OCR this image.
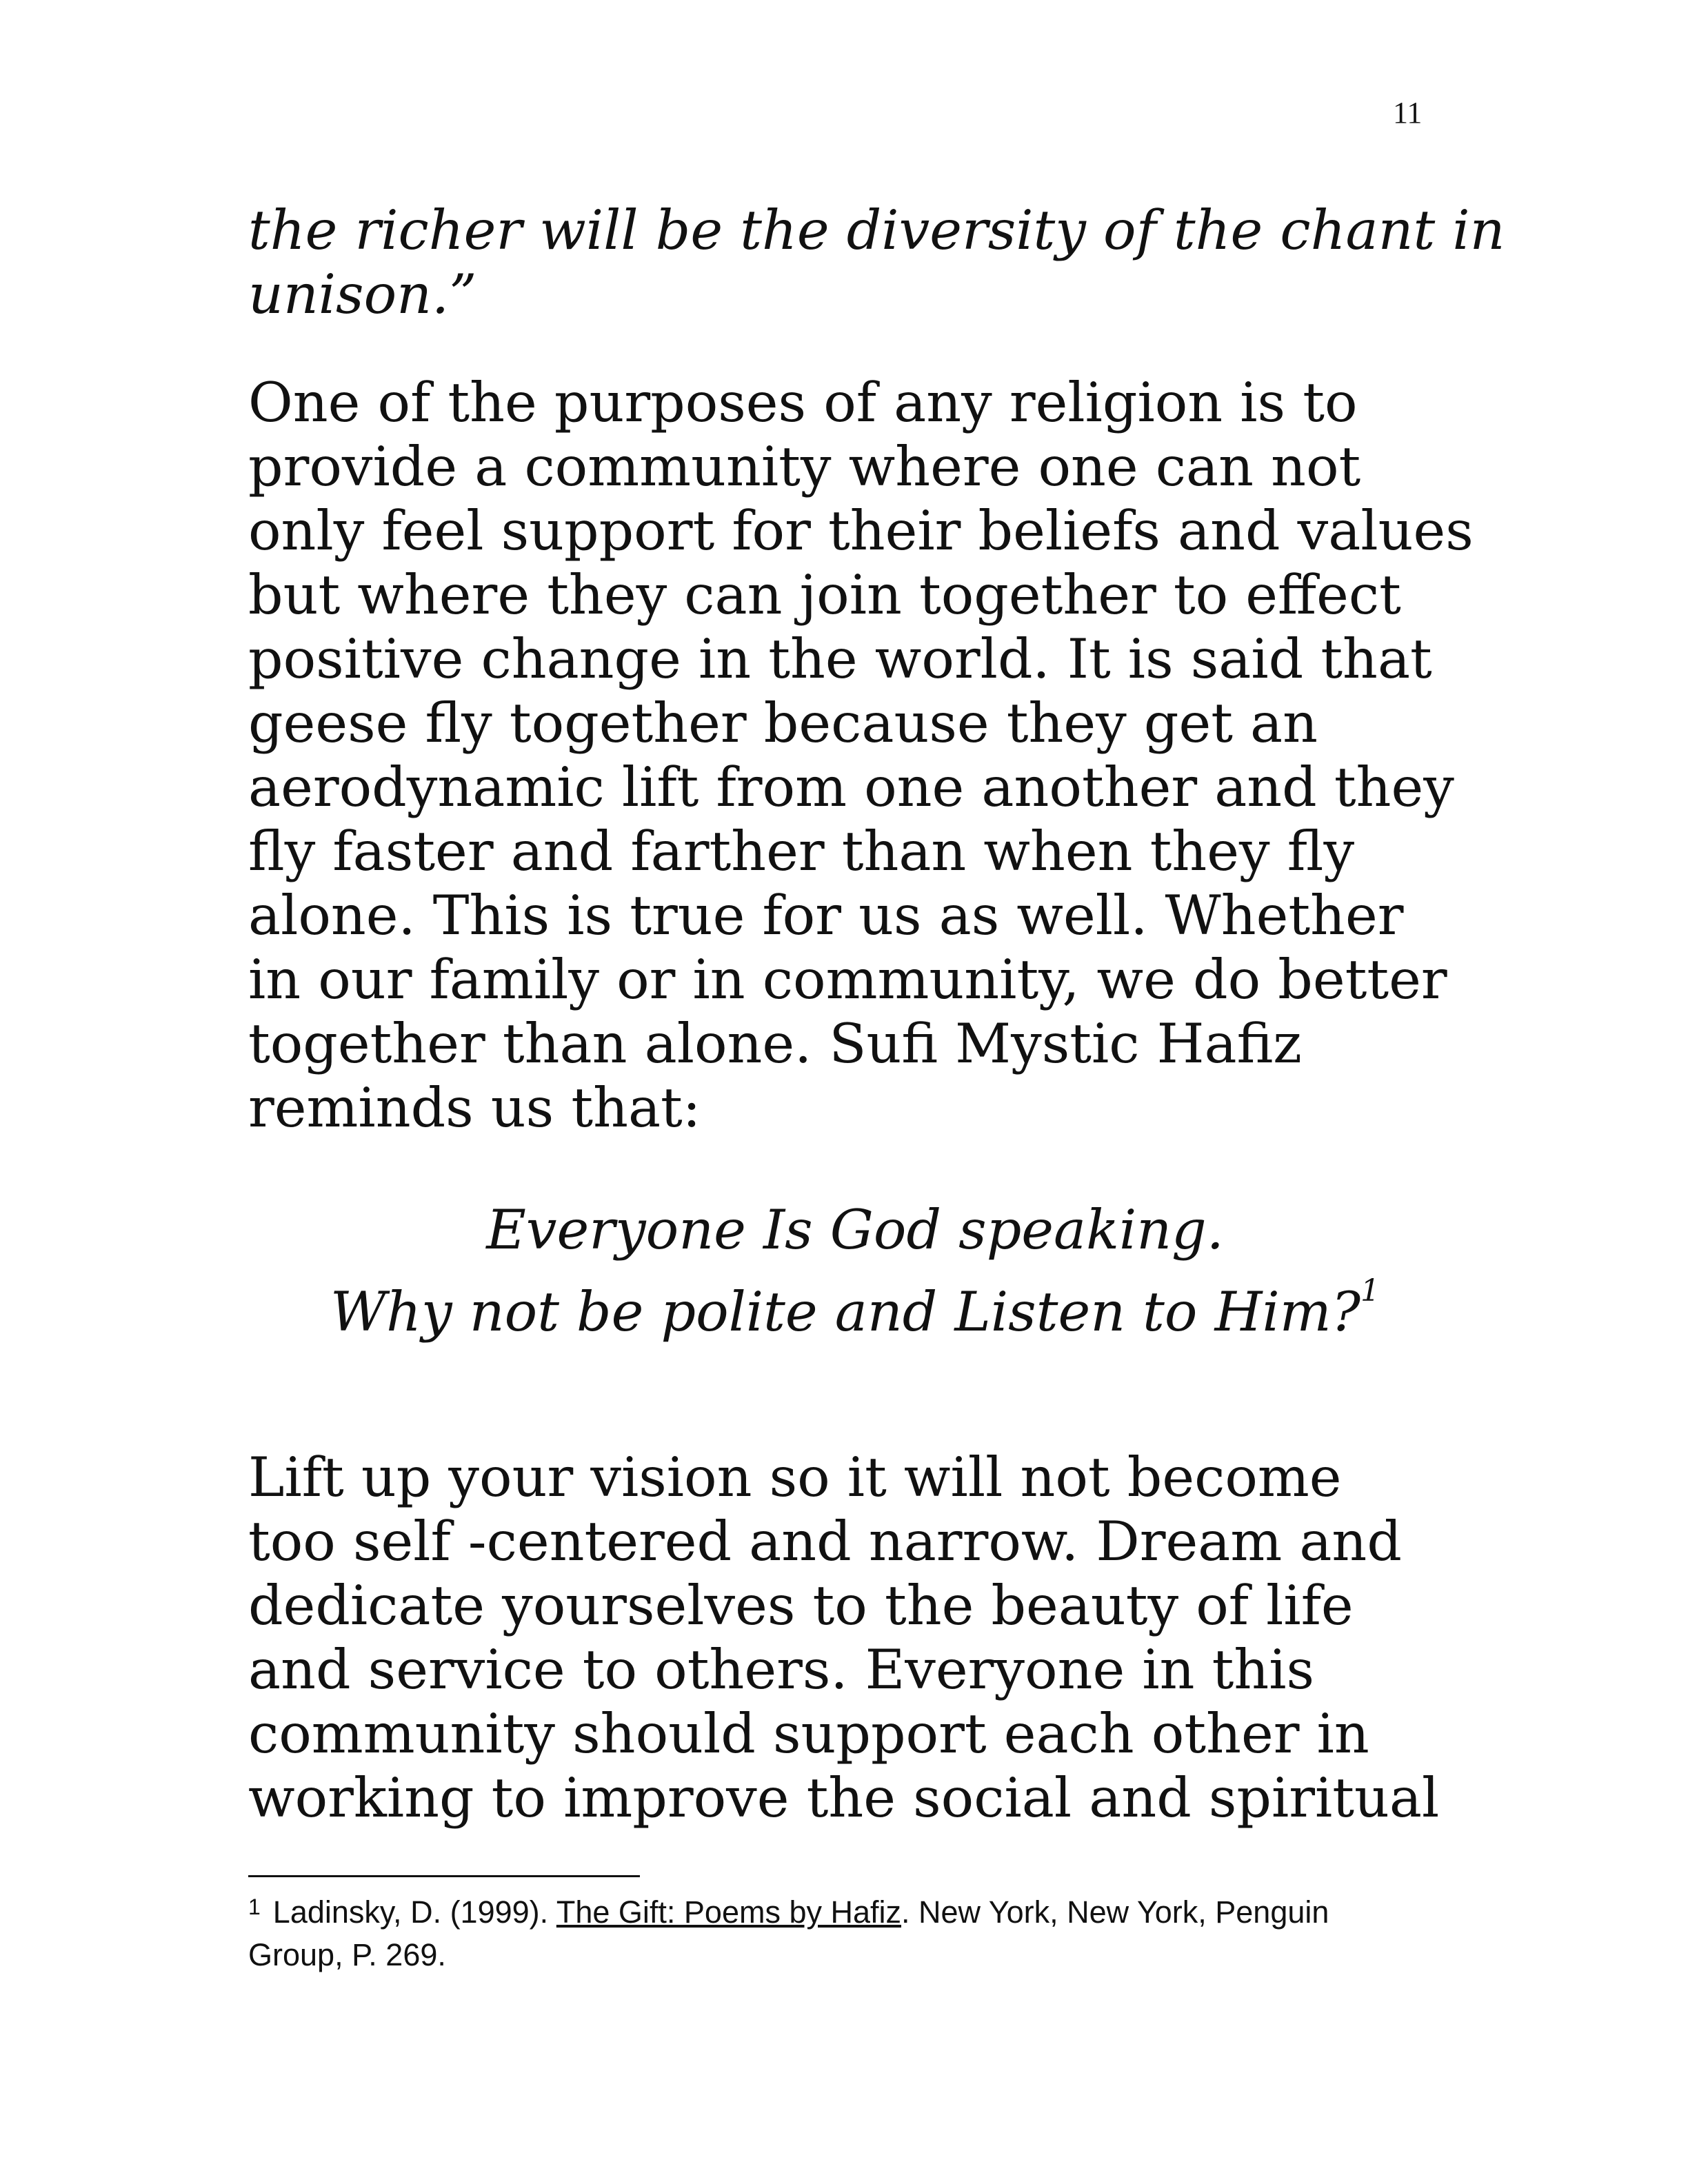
11
the richer will be the diversity of the chant in
unison.”
One of the purposes of any religion is to
provide a community where one can not
only feel support for their beliefs and values
but where they can join together to effect
positive change in the world. It is said that
geese fly together because they get an
aerodynamic lift from one another and they
fly faster and farther than when they fly
alone. This is true for us as well. Whether
in our family or in community, we do better
together than alone. Sufi Mystic Hafiz
reminds us that:
Everyone Is God speaking.
Why not be polite and Listen to Him?$^1$
Lift up your vision so it will not become
too self -centered and narrow. Dream and
dedicate yourselves to the beauty of life
and service to others. Everyone in this
community should support each other in
working to improve the social and spiritual
$^1$ Ladinsky, D. (1999). The Gift: Poems by Hafiz. New York, New York, Penguin
Group, P. 269.
